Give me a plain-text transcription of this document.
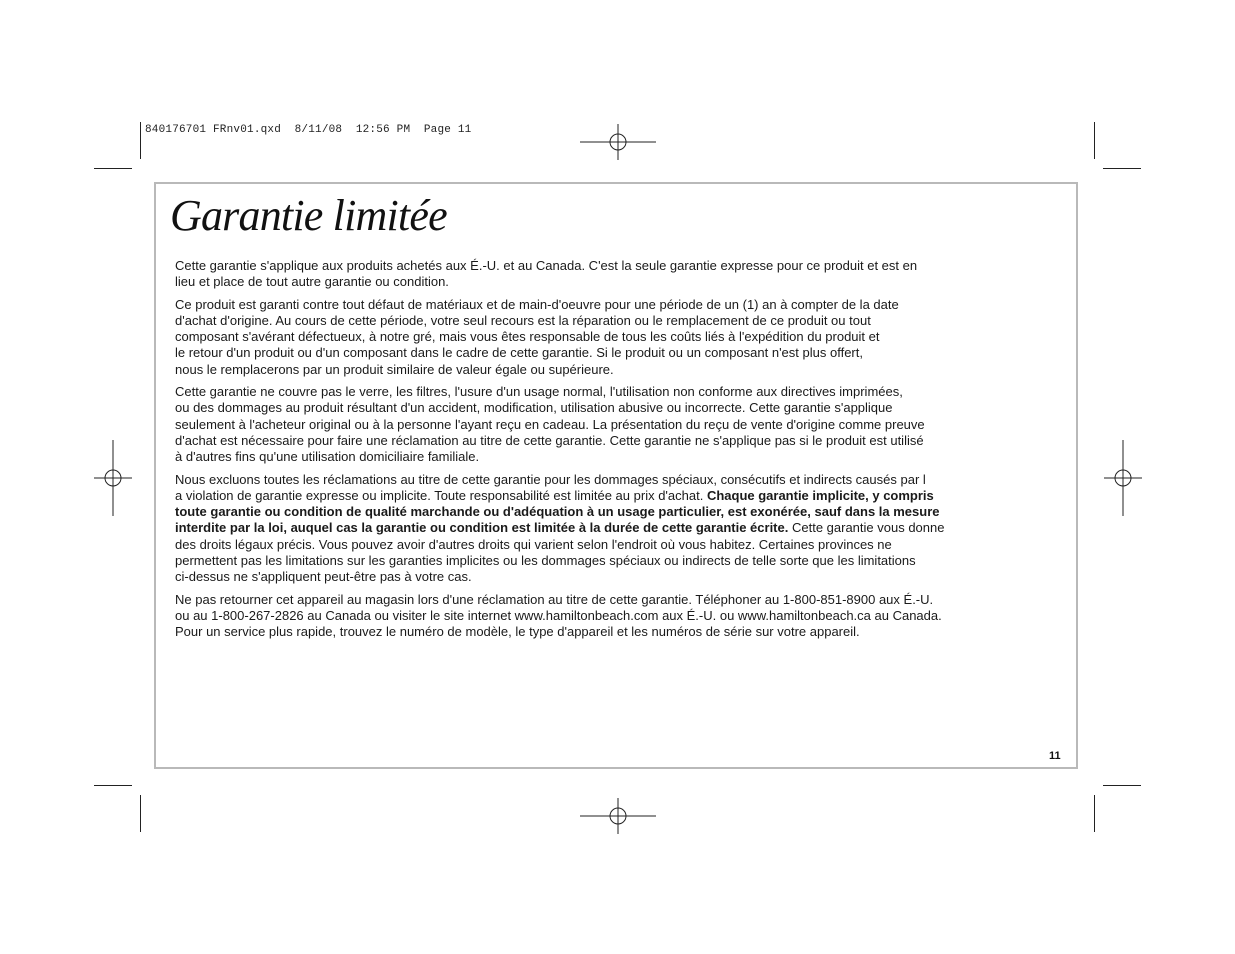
840176701 FRnv01.qxd  8/11/08  12:56 PM  Page 11
Garantie limitée

Cette garantie s'applique aux produits achetés aux É.-U. et au Canada. C'est la seule garantie expresse pour ce produit et est en
lieu et place de tout autre garantie ou condition.

Ce produit est garanti contre tout défaut de matériaux et de main-d'oeuvre pour une période de un (1) an à compter de la date
d'achat d'origine. Au cours de cette période, votre seul recours est la réparation ou le remplacement de ce produit ou tout
composant s'avérant défectueux, à notre gré, mais vous êtes responsable de tous les coûts liés à l'expédition du produit et
le retour d'un produit ou d'un composant dans le cadre de cette garantie. Si le produit ou un composant n'est plus offert,
nous le remplacerons par un produit similaire de valeur égale ou supérieure.

Cette garantie ne couvre pas le verre, les filtres, l'usure d'un usage normal, l'utilisation non conforme aux directives imprimées,
ou des dommages au produit résultant d'un accident, modification, utilisation abusive ou incorrecte. Cette garantie s'applique
seulement à l'acheteur original ou à la personne l'ayant reçu en cadeau. La présentation du reçu de vente d'origine comme preuve
d'achat est nécessaire pour faire une réclamation au titre de cette garantie. Cette garantie ne s'applique pas si le produit est utilisé
à d'autres fins qu'une utilisation domiciliaire familiale.

Nous excluons toutes les réclamations au titre de cette garantie pour les dommages spéciaux, consécutifs et indirects causés par l
a violation de garantie expresse ou implicite. Toute responsabilité est limitée au prix d'achat. Chaque garantie implicite, y compris
toute garantie ou condition de qualité marchande ou d'adéquation à un usage particulier, est exonérée, sauf dans la mesure
interdite par la loi, auquel cas la garantie ou condition est limitée à la durée de cette garantie écrite. Cette garantie vous donne
des droits légaux précis. Vous pouvez avoir d'autres droits qui varient selon l'endroit où vous habitez. Certaines provinces ne
permettent pas les limitations sur les garanties implicites ou les dommages spéciaux ou indirects de telle sorte que les limitations
ci-dessus ne s'appliquent peut-être pas à votre cas.

Ne pas retourner cet appareil au magasin lors d'une réclamation au titre de cette garantie. Téléphoner au 1-800-851-8900 aux É.-U.
ou au 1-800-267-2826 au Canada ou visiter le site internet www.hamiltonbeach.com aux É.-U. ou www.hamiltonbeach.ca au Canada.
Pour un service plus rapide, trouvez le numéro de modèle, le type d'appareil et les numéros de série sur votre appareil.

11
